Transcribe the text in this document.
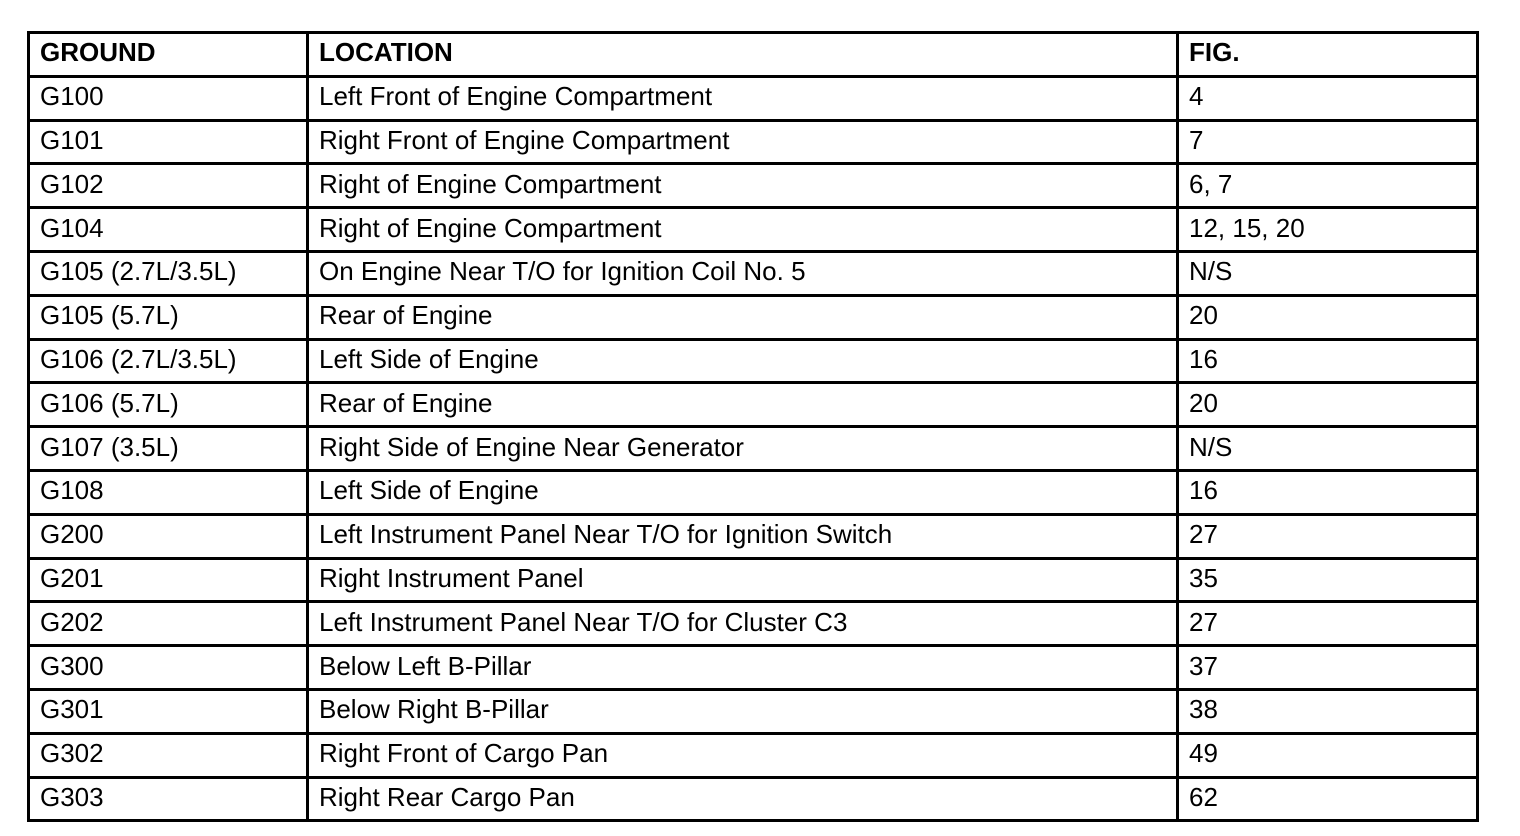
GROUND	LOCATION	FIG.
G100	Left Front of Engine Compartment	4
G101	Right Front of Engine Compartment	7
G102	Right of Engine Compartment	6, 7
G104	Right of Engine Compartment	12, 15, 20
G105 (2.7L/3.5L)	On Engine Near T/O for Ignition Coil No. 5	N/S
G105 (5.7L)	Rear of Engine	20
G106 (2.7L/3.5L)	Left Side of Engine	16
G106 (5.7L)	Rear of Engine	20
G107 (3.5L)	Right Side of Engine Near Generator	N/S
G108	Left Side of Engine	16
G200	Left Instrument Panel Near T/O for Ignition Switch	27
G201	Right Instrument Panel	35
G202	Left Instrument Panel Near T/O for Cluster C3	27
G300	Below Left B-Pillar	37
G301	Below Right B-Pillar	38
G302	Right Front of Cargo Pan	49
G303	Right Rear Cargo Pan	62
